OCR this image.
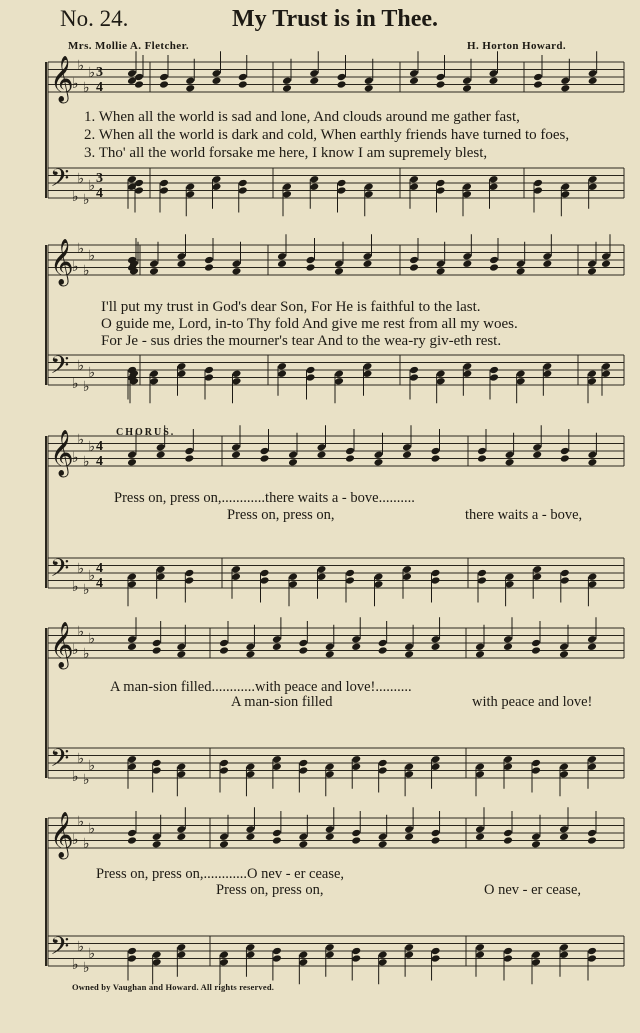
No. 24.	My Trust is in Thee.
Mrs. Mollie A. Fletcher.	H. Horton Howard.
𝄞
♭
♭
♭
♭
𝄢 ♭
♭
♭
♭
3
4
3
4
𝄞
♭
♭
♭
♭
𝄢 ♭
♭
♭
♭
𝄞
♭
♭
♭
♭
𝄢 ♭
♭
♭
♭
4
4
4
4
𝄞
♭
♭
♭
♭
𝄢 ♭
♭
♭
♭
𝄞
♭
♭
♭
♭
𝄢 ♭
♭
♭
♭
1. When all the world is sad and lone, And clouds around me gather fast,
2. When all the world is dark and cold, When earthly friends have turned to foes,
3. Tho' all the world forsake me here, I know I am supremely blest,
I'll put my trust in God's dear Son, For He is faithful to the last.
O guide me, Lord, in-to Thy fold And give me rest from all my woes.
For Je - sus dries the mourner's tear And to the wea-ry giv-eth rest.
CHORUS.
Press on, press on,............there waits a - bove..........
Press on, press on,	there waits a - bove,
A man-sion filled............with peace and love!..........
A man-sion filled	with peace and love!
Press on, press on,............O nev - er cease,
Press on, press on,	O nev - er cease,
Owned by Vaughan and Howard. All rights reserved.
